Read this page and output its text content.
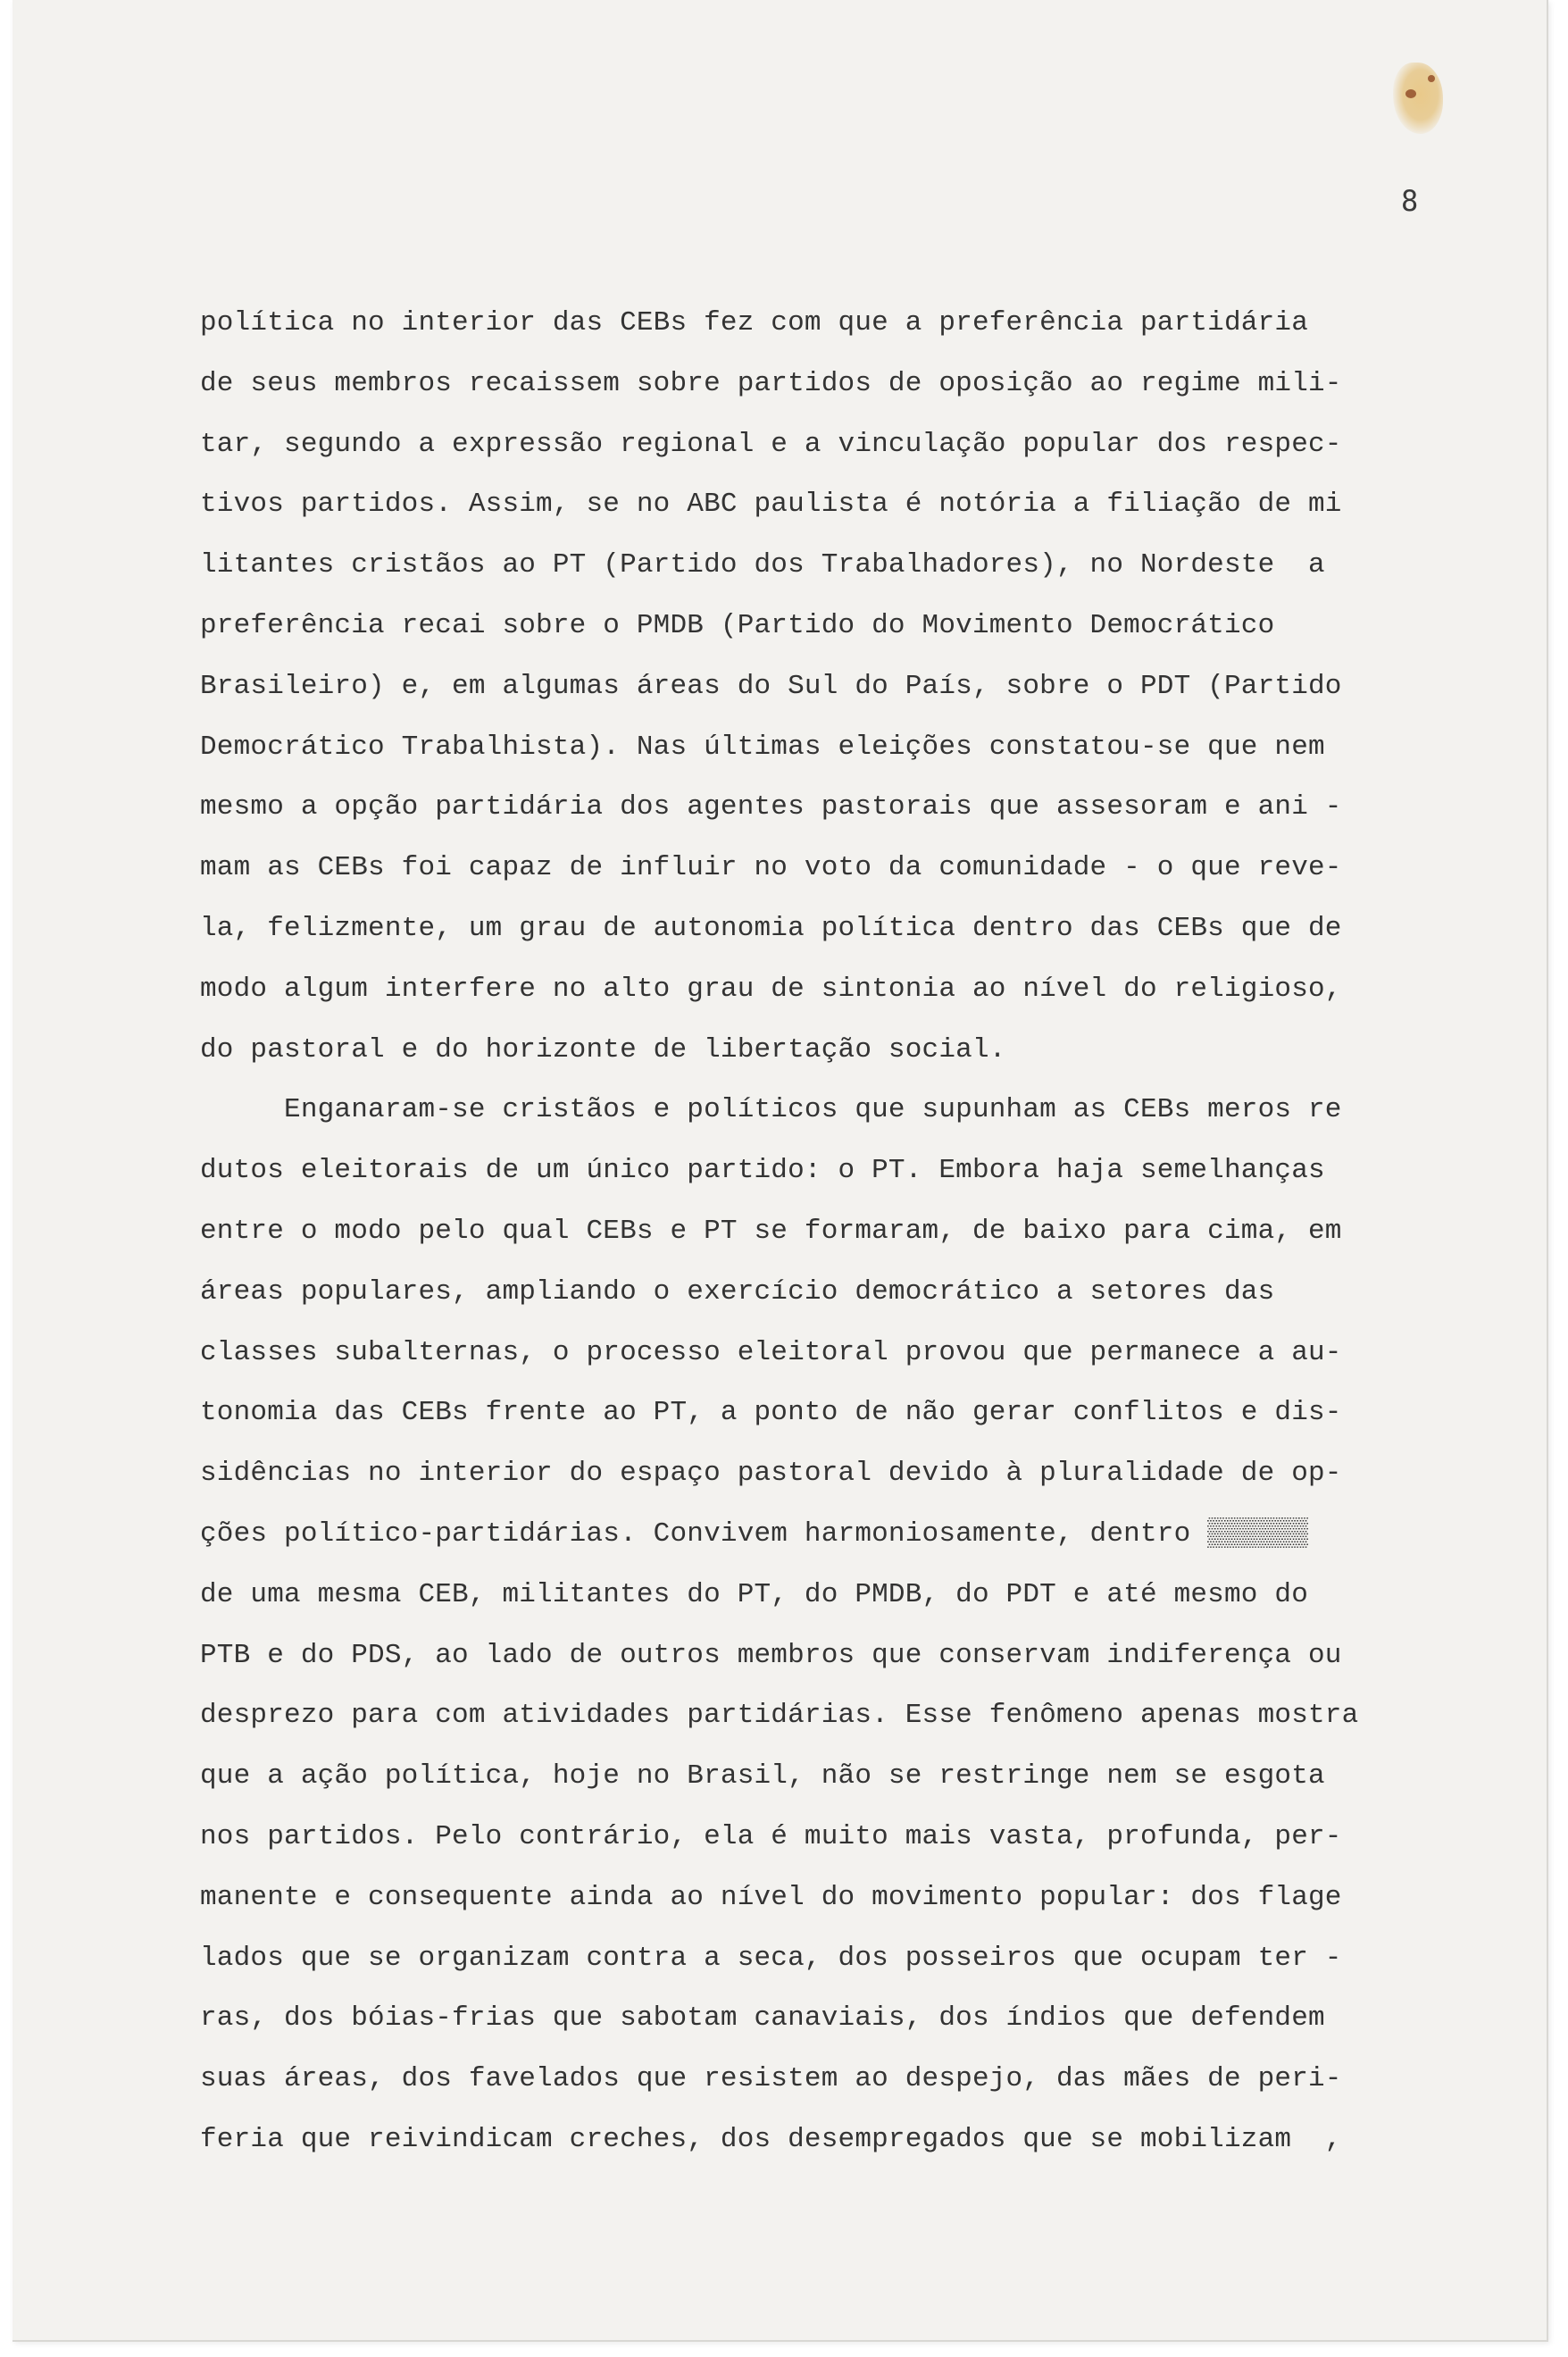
8
política no interior das CEBs fez com que a preferência partidária
de seus membros recaissem sobre partidos de oposição ao regime mili-
tar, segundo a expressão regional e a vinculação popular dos respec-
tivos partidos. Assim, se no ABC paulista é notória a filiação de mi
litantes cristãos ao PT (Partido dos Trabalhadores), no Nordeste  a
preferência recai sobre o PMDB (Partido do Movimento Democrático
Brasileiro) e, em algumas áreas do Sul do País, sobre o PDT (Partido
Democrático Trabalhista). Nas últimas eleições constatou-se que nem
mesmo a opção partidária dos agentes pastorais que assesoram e ani -
mam as CEBs foi capaz de influir no voto da comunidade - o que reve-
la, felizmente, um grau de autonomia política dentro das CEBs que de
modo algum interfere no alto grau de sintonia ao nível do religioso,
do pastoral e do horizonte de libertação social.
Enganaram-se cristãos e políticos que supunham as CEBs meros re
dutos eleitorais de um único partido: o PT. Embora haja semelhanças
entre o modo pelo qual CEBs e PT se formaram, de baixo para cima, em
áreas populares, ampliando o exercício democrático a setores das
classes subalternas, o processo eleitoral provou que permanece a au-
tonomia das CEBs frente ao PT, a ponto de não gerar conflitos e dis-
sidências no interior do espaço pastoral devido à pluralidade de op-
ções político-partidárias. Convivem harmoniosamente, dentro ▒▒▒▒▒▒
de uma mesma CEB, militantes do PT, do PMDB, do PDT e até mesmo do
PTB e do PDS, ao lado de outros membros que conservam indiferença ou
desprezo para com atividades partidárias. Esse fenômeno apenas mostra
que a ação política, hoje no Brasil, não se restringe nem se esgota
nos partidos. Pelo contrário, ela é muito mais vasta, profunda, per-
manente e consequente ainda ao nível do movimento popular: dos flage
lados que se organizam contra a seca, dos posseiros que ocupam ter -
ras, dos bóias-frias que sabotam canaviais, dos índios que defendem
suas áreas, dos favelados que resistem ao despejo, das mães de peri-
feria que reivindicam creches, dos desempregados que se mobilizam  ,
